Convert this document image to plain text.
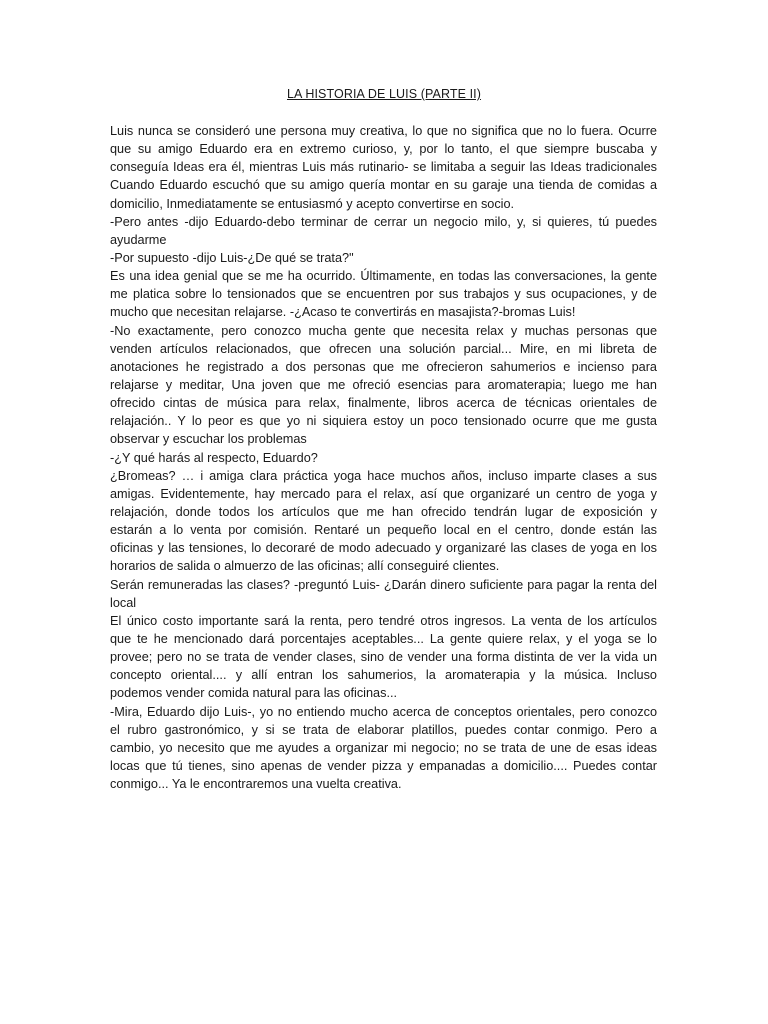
LA HISTORIA DE LUIS (PARTE II)
Luis nunca se consideró une persona muy creativa, lo que no significa que no lo fuera. Ocurre
que su amigo Eduardo era en extremo curioso, y, por lo tanto, el que siempre buscaba y
conseguía Ideas era él, mientras Luis más rutinario- se limitaba a seguir las Ideas tradicionales
Cuando Eduardo escuchó que su amigo quería montar en su garaje una tienda de comidas a
domicilio, Inmediatamente se entusiasmó y acepto convertirse en socio.
-Pero antes -dijo Eduardo-debo terminar de cerrar un negocio milo, y, si quieres, tú puedes
ayudarme
-Por supuesto -dijo Luis-¿De qué se trata?"
Es una idea genial que se me ha ocurrido. Últimamente, en todas las conversaciones, la gente
me platica sobre lo tensionados que se encuentren por sus trabajos y sus ocupaciones, y de
mucho que necesitan relajarse. -¿Acaso te convertirás en masajista?-bromas Luis!
-No exactamente, pero conozco mucha gente que necesita relax y muchas personas que
venden artículos relacionados, que ofrecen una solución parcial... Mire, en mi libreta de
anotaciones he registrado a dos personas que me ofrecieron sahumerios e incienso para
relajarse y meditar, Una joven que me ofreció esencias para aromaterapia; luego me han
ofrecido cintas de música para relax, finalmente, libros acerca de técnicas orientales de
relajación.. Y lo peor es que yo ni siquiera estoy un poco tensionado ocurre que me gusta
observar y escuchar los problemas
-¿Y qué harás al respecto, Eduardo?
¿Bromeas? … i amiga clara práctica yoga hace muchos años, incluso imparte clases a sus
amigas. Evidentemente, hay mercado para el relax, así que organizaré un centro de yoga y
relajación, donde todos los artículos que me han ofrecido tendrán lugar de exposición y
estarán a lo venta por comisión. Rentaré un pequeño local en el centro, donde están las
oficinas y las tensiones, lo decoraré de modo adecuado y organizaré las clases de yoga en los
horarios de salida o almuerzo de las oficinas; allí conseguiré clientes.
Serán remuneradas las clases? -preguntó Luis- ¿Darán dinero suficiente para pagar la renta del
local
El único costo importante sará la renta, pero tendré otros ingresos. La venta de los artículos
que te he mencionado dará porcentajes aceptables... La gente quiere relax, y el yoga se lo
provee; pero no se trata de vender clases, sino de vender una forma distinta de ver la vida un
concepto oriental.... y allí entran los sahumerios, la aromaterapia y la música. Incluso
podemos vender comida natural para las oficinas...
-Mira, Eduardo dijo Luis-, yo no entiendo mucho acerca de conceptos orientales, pero conozco
el rubro gastronómico, y si se trata de elaborar platillos, puedes contar conmigo. Pero a
cambio, yo necesito que me ayudes a organizar mi negocio; no se trata de une de esas ideas
locas que tú tienes, sino apenas de vender pizza y empanadas a domicilio.... Puedes contar
conmigo... Ya le encontraremos una vuelta creativa.
